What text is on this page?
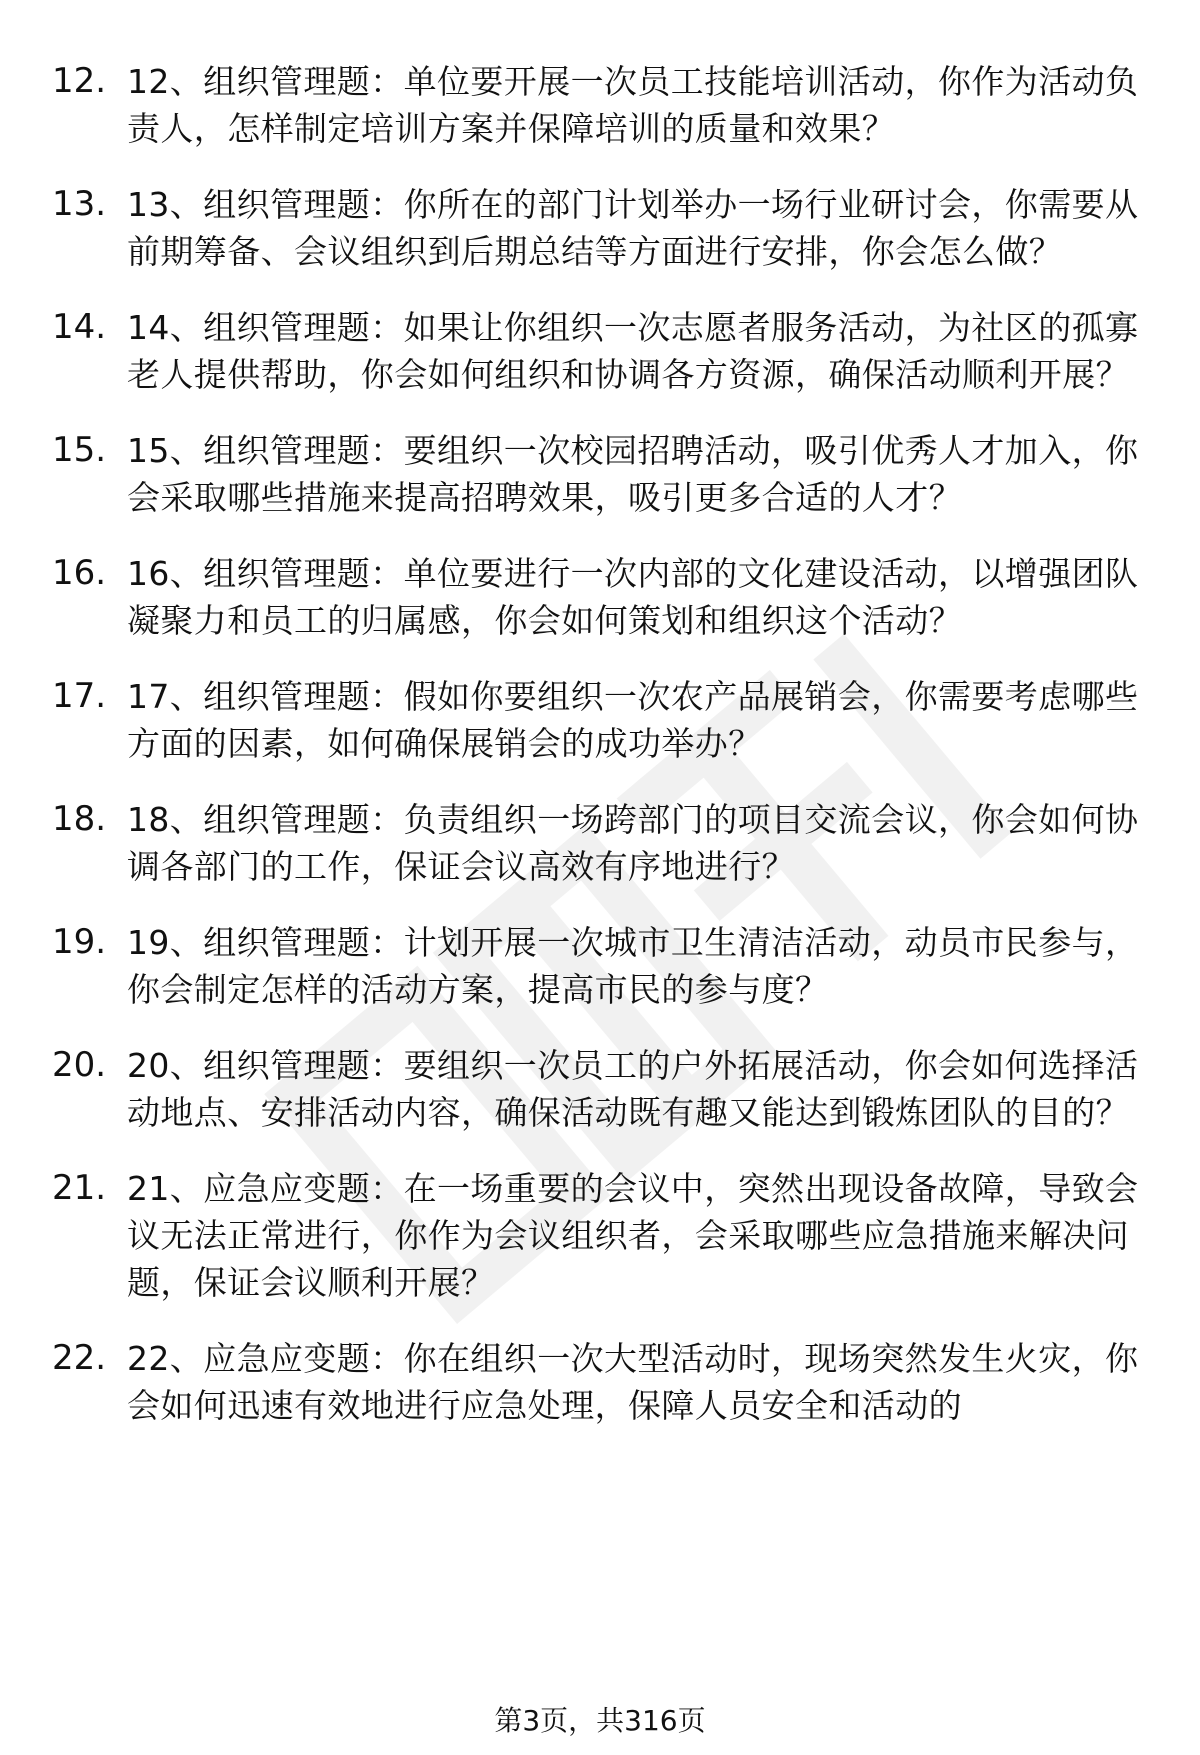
12. 12、组织管理题：单位要开展一次员工技能培训活动，你作为活动负责人，怎样制定培训方案并保障培训的质量和效果？
13. 13、组织管理题：你所在的部门计划举办一场行业研讨会，你需要从前期筹备、会议组织到后期总结等方面进行安排，你会怎么做？
14. 14、组织管理题：如果让你组织一次志愿者服务活动，为社区的孤寡老人提供帮助，你会如何组织和协调各方资源，确保活动顺利开展？
15. 15、组织管理题：要组织一次校园招聘活动，吸引优秀人才加入，你会采取哪些措施来提高招聘效果，吸引更多合适的人才？
16. 16、组织管理题：单位要进行一次内部的文化建设活动，以增强团队凝聚力和员工的归属感，你会如何策划和组织这个活动？
17. 17、组织管理题：假如你要组织一次农产品展销会，你需要考虑哪些方面的因素，如何确保展销会的成功举办？
18. 18、组织管理题：负责组织一场跨部门的项目交流会议，你会如何协调各部门的工作，保证会议高效有序地进行？
19. 19、组织管理题：计划开展一次城市卫生清洁活动，动员市民参与，你会制定怎样的活动方案，提高市民的参与度？
20. 20、组织管理题：要组织一次员工的户外拓展活动，你会如何选择活动地点、安排活动内容，确保活动既有趣又能达到锻炼团队的目的？
21. 21、应急应变题：在一场重要的会议中，突然出现设备故障，导致会议无法正常进行，你作为会议组织者，会采取哪些应急措施来解决问题，保证会议顺利开展？
22. 22、应急应变题：你在组织一次大型活动时，现场突然发生火灾，你会如何迅速有效地进行应急处理，保障人员安全和活动的
第3页，共316页
